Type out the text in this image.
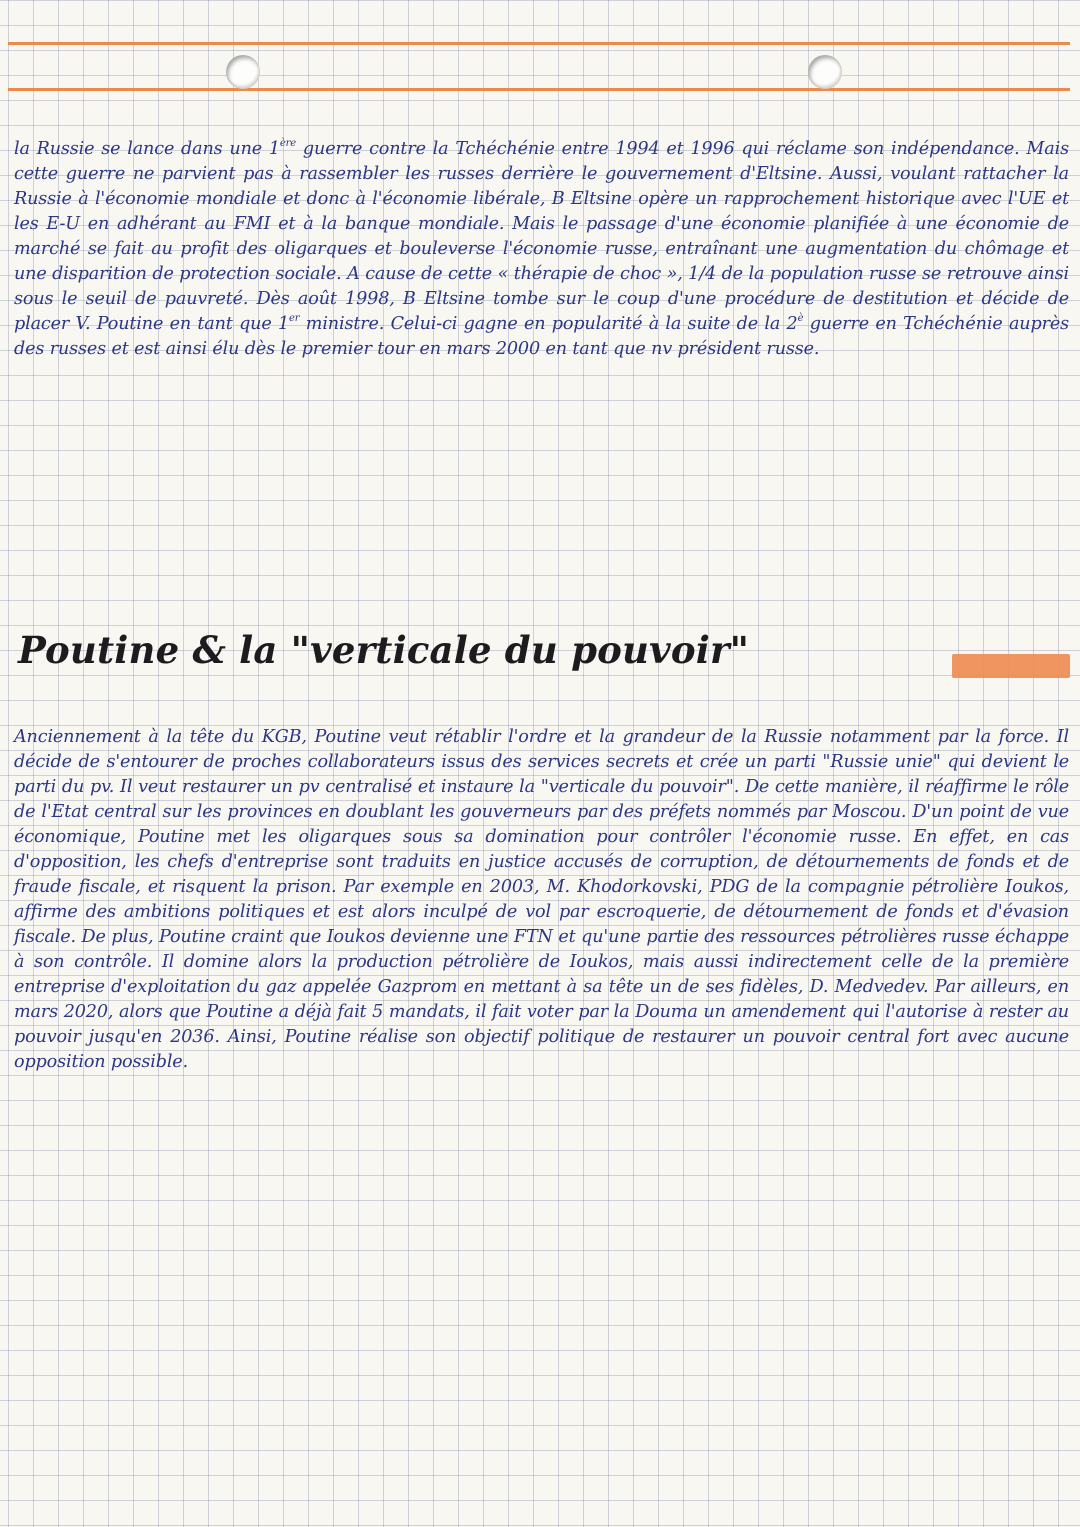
la Russie se lance dans une 1ère guerre contre la Tchéchénie entre 1994 et 1996 qui réclame son indépendance. Mais cette guerre ne parvient pas à rassembler les russes derrière le gouvernement d'Eltsine. Aussi, voulant rattacher la Russie à l'économie mondiale et donc à l'économie libérale, B Eltsine opère un rapprochement historique avec l'UE et les E-U en adhérant au FMI et à la banque mondiale. Mais le passage d'une économie planifiée à une économie de marché se fait au profit des oligarques et bouleverse l'économie russe, entraînant une augmentation du chômage et une disparition de protection sociale. A cause de cette « thérapie de choc », 1/4 de la population russe se retrouve ainsi sous le seuil de pauvreté. Dès août 1998, B Eltsine tombe sur le coup d'une procédure de destitution et décide de placer V. Poutine en tant que 1er ministre. Celui-ci gagne en popularité à la suite de la $2^è$ guerre en Tchéchénie auprès des russes et est ainsi élu dès le premier tour en mars 2000 en tant que nv président russe.

Poutine & la "verticale du pouvoir"

Anciennement à la tête du KGB, Poutine veut rétablir l'ordre et la grandeur de la Russie notamment par la force. Il décide de s'entourer de proches collaborateurs issus des services secrets et crée un parti "Russie unie" qui devient le parti du pv. Il veut restaurer un pv centralisé et instaure la "verticale du pouvoir". De cette manière, il réaffirme le rôle de l'Etat central sur les provinces en doublant les gouverneurs par des préfets nommés par Moscou. D'un point de vue économique, Poutine met les oligarques sous sa domination pour contrôler l'économie russe. En effet, en cas d'opposition, les chefs d'entreprise sont traduits en justice accusés de corruption, de détournements de fonds et de fraude fiscale, et risquent la prison. Par exemple en 2003, M. Khodorkovski, PDG de la compagnie pétrolière Ioukos, affirme des ambitions politiques et est alors inculpé de vol par escroquerie, de détournement de fonds et d'évasion fiscale. De plus, Poutine craint que Ioukos devienne une FTN et qu'une partie des ressources pétrolières russe échappe à son contrôle. Il domine alors la production pétrolière de Ioukos, mais aussi indirectement celle de la première entreprise d'exploitation du gaz appelée Gazprom en mettant à sa tête un de ses fidèles, D. Medvedev. Par ailleurs, en mars 2020, alors que Poutine a déjà fait 5 mandats, il fait voter par la Douma un amendement qui l'autorise à rester au pouvoir jusqu'en 2036. Ainsi, Poutine réalise son objectif politique de restaurer un pouvoir central fort avec aucune opposition possible.
